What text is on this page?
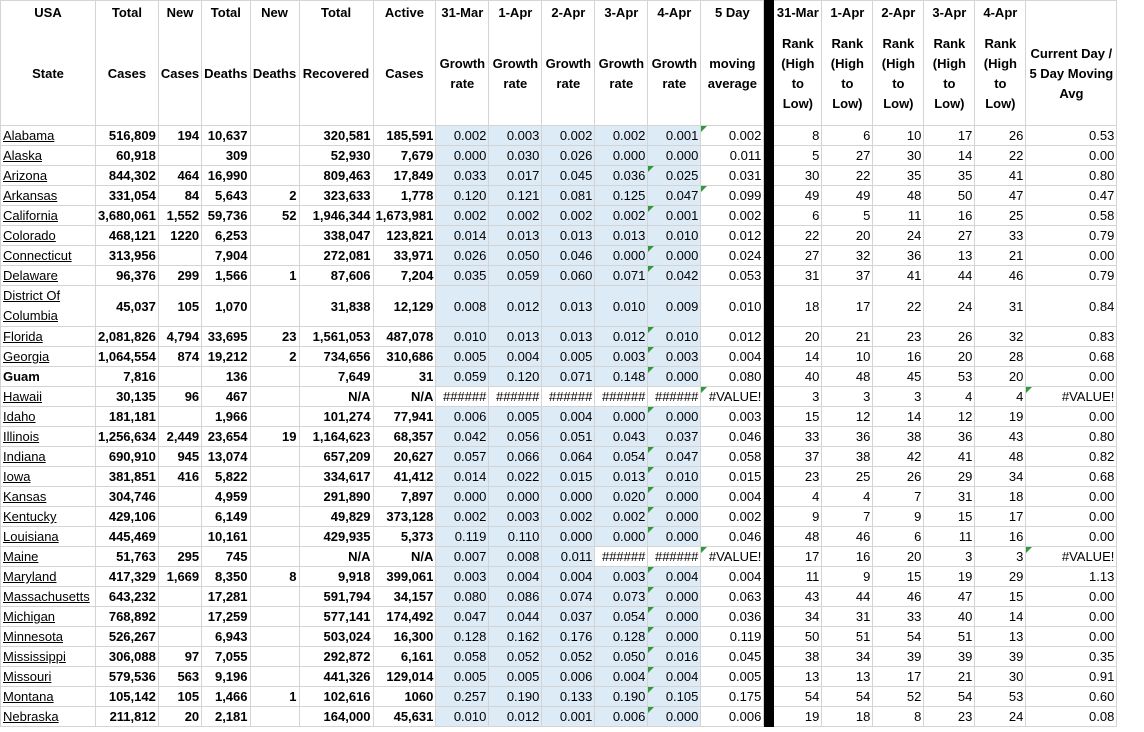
USA	Total	New	Total	New	Total	Active	31-Mar	1-Apr	2-Apr	3-Apr	4-Apr	5 Day		31-Mar	1-Apr	2-Apr	3-Apr	4-Apr	
State	Cases	Cases	Deaths	Deaths	Recovered	Cases	Growth rate	Growth rate	Growth rate	Growth rate	Growth rate	moving average		Rank (High to Low)	Rank (High to Low)	Rank (High to Low)	Rank (High to Low)	Rank (High to Low)	Current Day / 5 Day Moving Avg
Alabama	516,809	194	10,637		320,581	185,591	0.002	0.003	0.002	0.002	0.001	0.002		8	6	10	17	26	0.53
Alaska	60,918		309		52,930	7,679	0.000	0.030	0.026	0.000	0.000	0.011		5	27	30	14	22	0.00
Arizona	844,302	464	16,990		809,463	17,849	0.033	0.017	0.045	0.036	0.025	0.031		30	22	35	35	41	0.80
Arkansas	331,054	84	5,643	2	323,633	1,778	0.120	0.121	0.081	0.125	0.047	0.099		49	49	48	50	47	0.47
California	3,680,061	1,552	59,736	52	1,946,344	1,673,981	0.002	0.002	0.002	0.002	0.001	0.002		6	5	11	16	25	0.58
Colorado	468,121	1220	6,253		338,047	123,821	0.014	0.013	0.013	0.013	0.010	0.012		22	20	24	27	33	0.79
Connecticut	313,956		7,904		272,081	33,971	0.026	0.050	0.046	0.000	0.000	0.024		27	32	36	13	21	0.00
Delaware	96,376	299	1,566	1	87,606	7,204	0.035	0.059	0.060	0.071	0.042	0.053		31	37	41	44	46	0.79
District Of Columbia	45,037	105	1,070		31,838	12,129	0.008	0.012	0.013	0.010	0.009	0.010		18	17	22	24	31	0.84
Florida	2,081,826	4,794	33,695	23	1,561,053	487,078	0.010	0.013	0.013	0.012	0.010	0.012		20	21	23	26	32	0.83
Georgia	1,064,554	874	19,212	2	734,656	310,686	0.005	0.004	0.005	0.003	0.003	0.004		14	10	16	20	28	0.68
Guam	7,816		136		7,649	31	0.059	0.120	0.071	0.148	0.000	0.080		40	48	45	53	20	0.00
Hawaii	30,135	96	467		N/A	N/A	######	######	######	######	######	#VALUE!		3	3	3	4	4	#VALUE!
Idaho	181,181		1,966		101,274	77,941	0.006	0.005	0.004	0.000	0.000	0.003		15	12	14	12	19	0.00
Illinois	1,256,634	2,449	23,654	19	1,164,623	68,357	0.042	0.056	0.051	0.043	0.037	0.046		33	36	38	36	43	0.80
Indiana	690,910	945	13,074		657,209	20,627	0.057	0.066	0.064	0.054	0.047	0.058		37	38	42	41	48	0.82
Iowa	381,851	416	5,822		334,617	41,412	0.014	0.022	0.015	0.013	0.010	0.015		23	25	26	29	34	0.68
Kansas	304,746		4,959		291,890	7,897	0.000	0.000	0.000	0.020	0.000	0.004		4	4	7	31	18	0.00
Kentucky	429,106		6,149		49,829	373,128	0.002	0.003	0.002	0.002	0.000	0.002		9	7	9	15	17	0.00
Louisiana	445,469		10,161		429,935	5,373	0.119	0.110	0.000	0.000	0.000	0.046		48	46	6	11	16	0.00
Maine	51,763	295	745		N/A	N/A	0.007	0.008	0.011	######	######	#VALUE!		17	16	20	3	3	#VALUE!
Maryland	417,329	1,669	8,350	8	9,918	399,061	0.003	0.004	0.004	0.003	0.004	0.004		11	9	15	19	29	1.13
Massachusetts	643,232		17,281		591,794	34,157	0.080	0.086	0.074	0.073	0.000	0.063		43	44	46	47	15	0.00
Michigan	768,892		17,259		577,141	174,492	0.047	0.044	0.037	0.054	0.000	0.036		34	31	33	40	14	0.00
Minnesota	526,267		6,943		503,024	16,300	0.128	0.162	0.176	0.128	0.000	0.119		50	51	54	51	13	0.00
Mississippi	306,088	97	7,055		292,872	6,161	0.058	0.052	0.052	0.050	0.016	0.045		38	34	39	39	39	0.35
Missouri	579,536	563	9,196		441,326	129,014	0.005	0.005	0.006	0.004	0.004	0.005		13	13	17	21	30	0.91
Montana	105,142	105	1,466	1	102,616	1060	0.257	0.190	0.133	0.190	0.105	0.175		54	54	52	54	53	0.60
Nebraska	211,812	20	2,181		164,000	45,631	0.010	0.012	0.001	0.006	0.000	0.006		19	18	8	23	24	0.08
